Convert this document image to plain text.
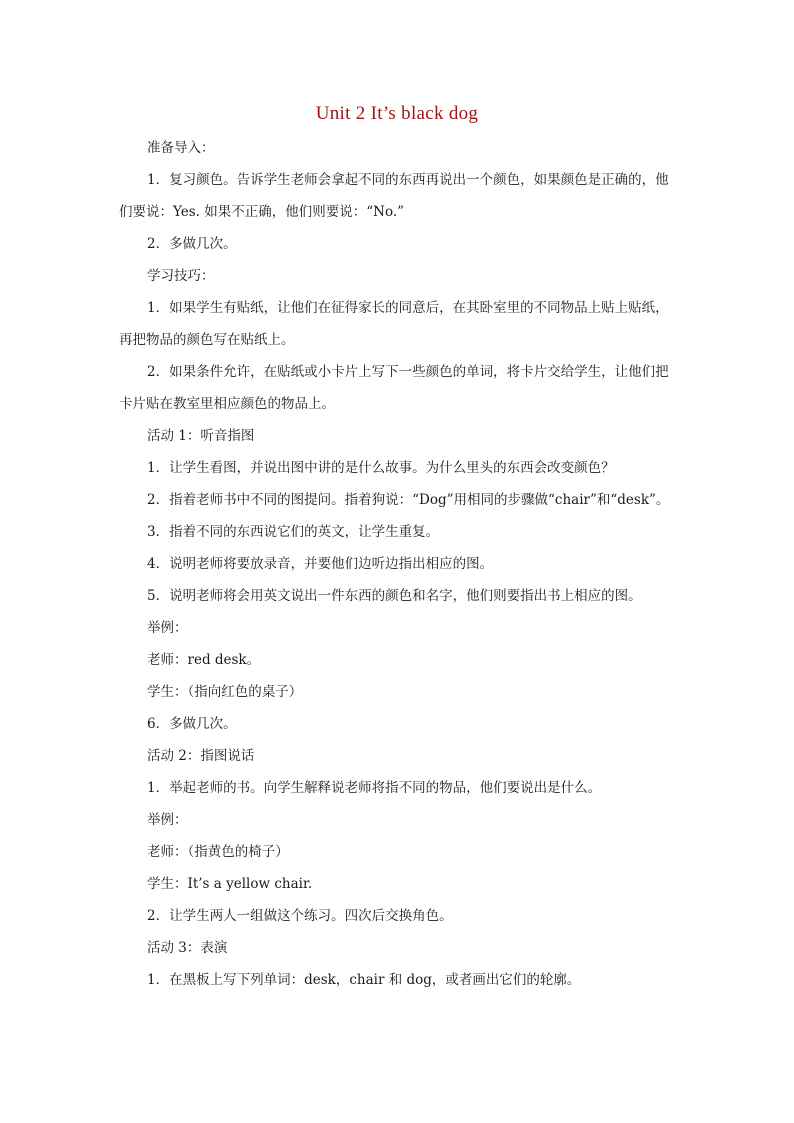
Unit 2 It’s black dog

准备导入：

1．复习颜色。告诉学生老师会拿起不同的东西再说出一个颜色，如果颜色是正确的，他们要说：Yes. 如果不正确，他们则要说：“No.”

2．多做几次。

学习技巧：

1．如果学生有贴纸，让他们在征得家长的同意后，在其卧室里的不同物品上贴上贴纸，再把物品的颜色写在贴纸上。

2．如果条件允许，在贴纸或小卡片上写下一些颜色的单词，将卡片交给学生，让他们把卡片贴在教室里相应颜色的物品上。

活动 1：听音指图

1．让学生看图，并说出图中讲的是什么故事。为什么里头的东西会改变颜色？

2．指着老师书中不同的图提问。指着狗说：“Dog”用相同的步骤做“chair”和“desk”。

3．指着不同的东西说它们的英文，让学生重复。

4．说明老师将要放录音，并要他们边听边指出相应的图。

5．说明老师将会用英文说出一件东西的颜色和名字，他们则要指出书上相应的图。

举例：

老师：red desk。

学生：（指向红色的桌子）

6．多做几次。

活动 2：指图说话

1．举起老师的书。向学生解释说老师将指不同的物品，他们要说出是什么。

举例：

老师：（指黄色的椅子）

学生：It’s a yellow chair.

2．让学生两人一组做这个练习。四次后交换角色。

活动 3：表演

1．在黑板上写下列单词：desk，chair 和 dog，或者画出它们的轮廓。
